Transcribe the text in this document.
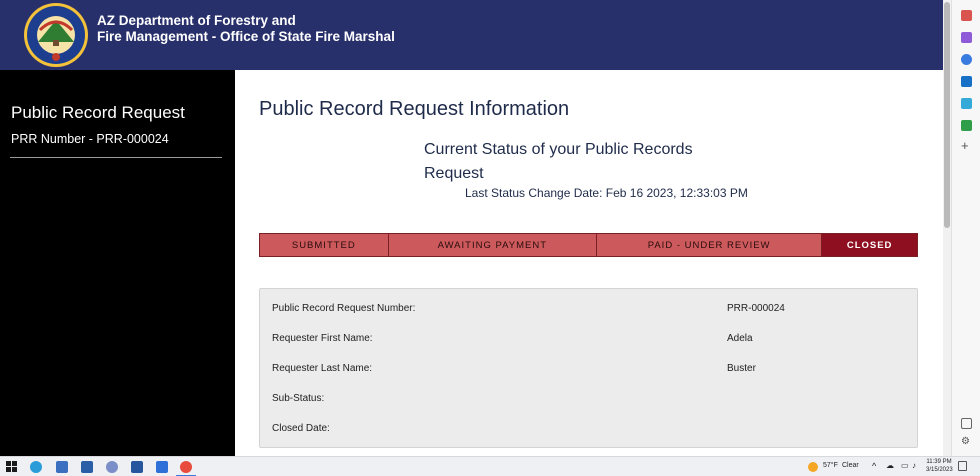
AZ Department of Forestry and
Fire Management - Office of State Fire Marshal
Public Record Request
PRR Number - PRR-000024
Public Record Request Information
Current Status of your Public Records
Request
Last Status Change Date: Feb 16 2023, 12:33:03 PM
SUBMITTED	AWAITING PAYMENT	PAID - UNDER REVIEW	CLOSED
Public Record Request Number:	PRR-000024
Requester First Name:	Adela
Requester Last Name:	Buster
Sub-Status:
Closed Date:
+
⚙
57°F Clear ^ ☁ ▭ ♪ 11:39 PM
3/15/2023
